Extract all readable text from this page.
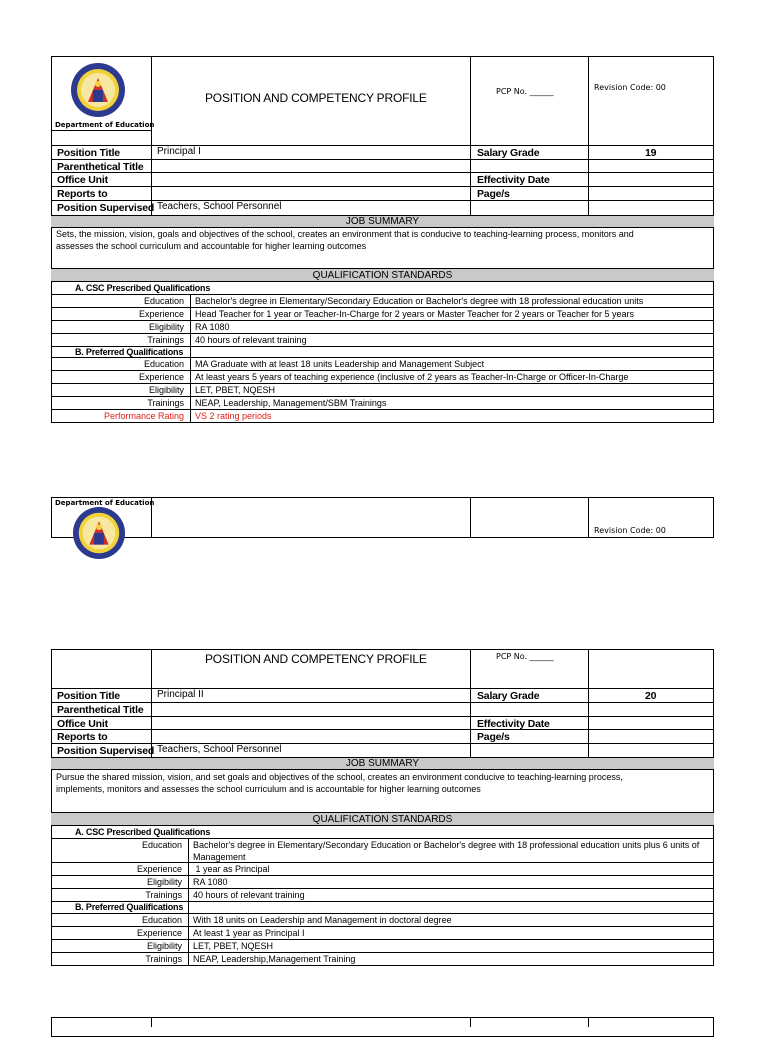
Department of Education
POSITION AND COMPETENCY PROFILE	PCP No. ______	Revision Code: 00
Position Title	Principal I	Salary Grade	19
Parenthetical Title
Office Unit	Effectivity Date
Reports to	Page/s
Position Supervised Teachers, School Personnel
JOB SUMMARY
Sets, the mission, vision, goals and objectives of the school, creates an environment that is conducive to teaching-learning process, monitors and
assesses the school curriculum and accountable for higher learning outcomes
QUALIFICATION STANDARDS
A. CSC Prescribed Qualifications
Education Bachelor's degree in Elementary/Secondary Education or Bachelor's degree with 18 professional education units
Experience Head Teacher for 1 year or Teacher-In-Charge for 2 years or Master Teacher for 2 years or Teacher for 5 years
Eligibility RA 1080
Trainings 40 hours of relevant training
B. Preferred Qualifications
Education MA Graduate with at least 18 units Leadership and Management Subject
Experience At least years 5 years of teaching experience (inclusive of 2 years as Teacher-In-Charge or Officer-In-Charge
Eligibility LET, PBET, NQESH
Trainings NEAP, Leadership, Management/SBM Trainings
Performance Rating VS 2 rating periods
Department of Education
Revision Code: 00
POSITION AND COMPETENCY PROFILE	PCP No. ______
Position Title	Principal II	Salary Grade	20
Parenthetical Title
Office Unit	Effectivity Date
Reports to	Page/s
Position Supervised Teachers, School Personnel
JOB SUMMARY
Pursue the shared mission, vision, and set goals and objectives of the school, creates an environment conducive to teaching-learning process,
implements, monitors and assesses the school curriculum and is accountable for higher learning outcomes
QUALIFICATION STANDARDS
A. CSC Prescribed Qualifications
Education Bachelor's degree in Elementary/Secondary Education or Bachelor's degree with 18 professional education units plus 6 units of
Management
Experience 1 year as Principal
Eligibility RA 1080
Trainings 40 hours of relevant training
B. Preferred Qualifications
Education With 18 units on Leadership and Management in doctoral degree
Experience At least 1 year as Principal I
Eligibility LET, PBET, NQESH
Trainings NEAP, Leadership,Management Training
